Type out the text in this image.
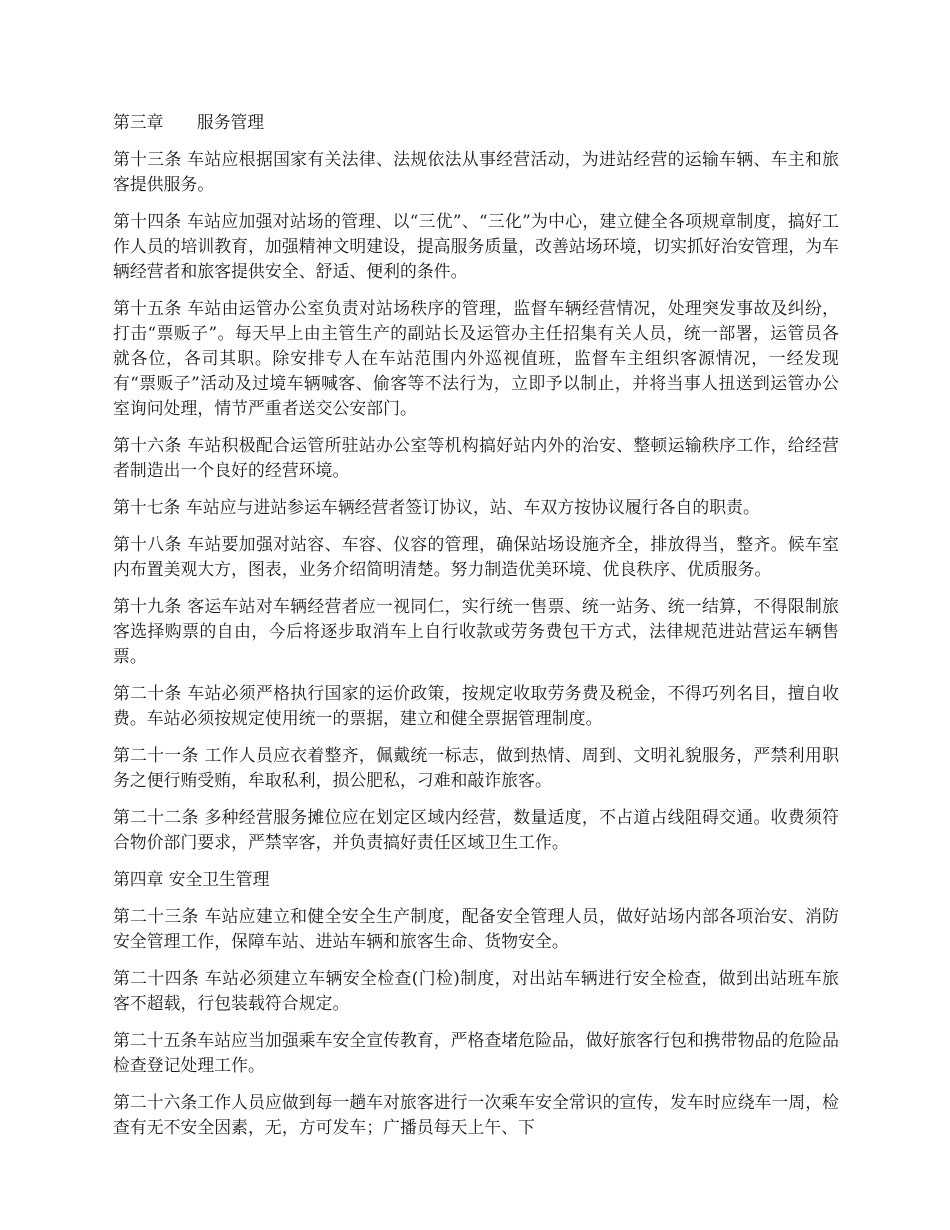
第三章　　服务管理

第十三条 车站应根据国家有关法律、法规依法从事经营活动，为进站经营的运输车辆、车主和旅客提供服务。

第十四条 车站应加强对站场的管理、以“三优”、“三化”为中心，建立健全各项规章制度，搞好工作人员的培训教育，加强精神文明建设，提高服务质量，改善站场环境，切实抓好治安管理，为车辆经营者和旅客提供安全、舒适、便利的条件。

第十五条 车站由运管办公室负责对站场秩序的管理，监督车辆经营情况，处理突发事故及纠纷，打击“票贩子”。每天早上由主管生产的副站长及运管办主任招集有关人员，统一部署，运管员各就各位，各司其职。除安排专人在车站范围内外巡视值班，监督车主组织客源情况，一经发现有“票贩子”活动及过境车辆喊客、偷客等不法行为，立即予以制止，并将当事人扭送到运管办公室询问处理，情节严重者送交公安部门。

第十六条 车站积极配合运管所驻站办公室等机构搞好站内外的治安、整顿运输秩序工作，给经营者制造出一个良好的经营环境。

第十七条 车站应与进站参运车辆经营者签订协议，站、车双方按协议履行各自的职责。

第十八条 车站要加强对站容、车容、仪容的管理，确保站场设施齐全，排放得当，整齐。候车室内布置美观大方，图表，业务介绍简明清楚。努力制造优美环境、优良秩序、优质服务。

第十九条 客运车站对车辆经营者应一视同仁，实行统一售票、统一站务、统一结算，不得限制旅客选择购票的自由，今后将逐步取消车上自行收款或劳务费包干方式，法律规范进站营运车辆售票。

第二十条 车站必须严格执行国家的运价政策，按规定收取劳务费及税金，不得巧列名目，擅自收费。车站必须按规定使用统一的票据，建立和健全票据管理制度。

第二十一条 工作人员应衣着整齐，佩戴统一标志，做到热情、周到、文明礼貌服务，严禁利用职务之便行贿受贿，牟取私利，损公肥私，刁难和敲诈旅客。

第二十二条 多种经营服务摊位应在划定区域内经营，数量适度，不占道占线阻碍交通。收费须符合物价部门要求，严禁宰客，并负责搞好责任区域卫生工作。

第四章 安全卫生管理

第二十三条 车站应建立和健全安全生产制度，配备安全管理人员，做好站场内部各项治安、消防安全管理工作，保障车站、进站车辆和旅客生命、货物安全。

第二十四条 车站必须建立车辆安全检查(门检)制度，对出站车辆进行安全检查，做到出站班车旅客不超载，行包装载符合规定。

第二十五条车站应当加强乘车安全宣传教育，严格查堵危险品，做好旅客行包和携带物品的危险品检查登记处理工作。

第二十六条工作人员应做到每一趟车对旅客进行一次乘车安全常识的宣传，发车时应绕车一周，检查有无不安全因素，无，方可发车；广播员每天上午、下
